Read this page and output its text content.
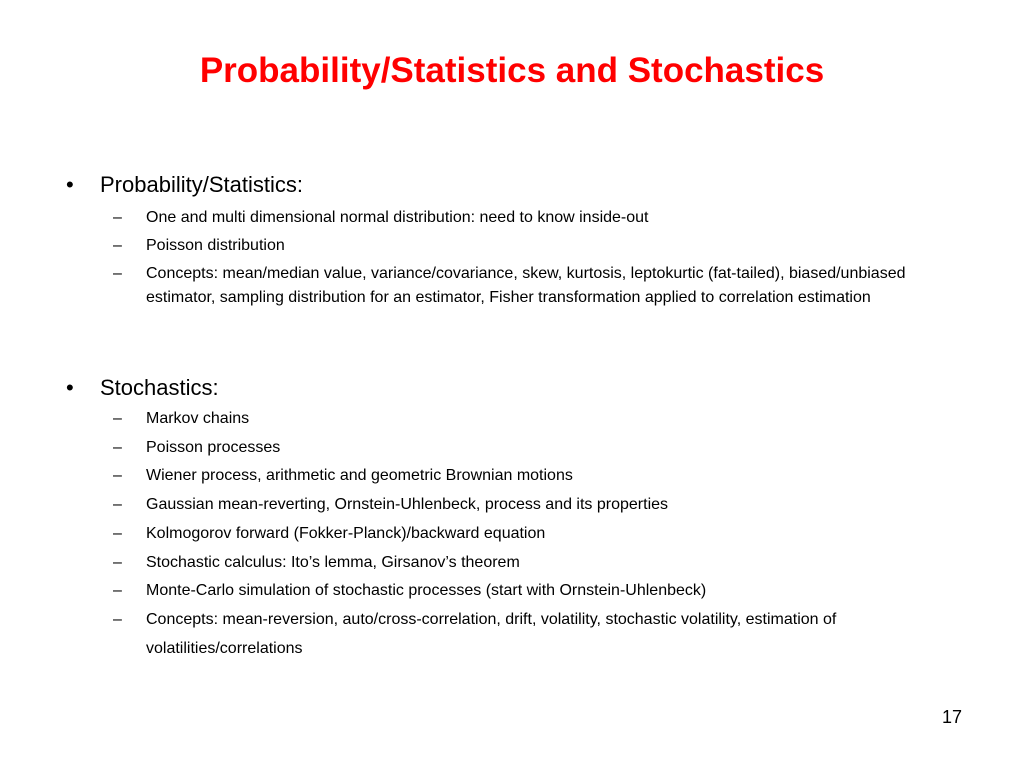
Probability/Statistics and Stochastics
• Probability/Statistics:
– One and multi dimensional normal distribution: need to know inside-out
– Poisson distribution
– Concepts: mean/median value, variance/covariance, skew, kurtosis, leptokurtic (fat-tailed), biased/unbiased estimator, sampling distribution for an estimator, Fisher transformation applied to correlation estimation
• Stochastics:
– Markov chains
– Poisson processes
– Wiener process, arithmetic and geometric Brownian motions
– Gaussian mean-reverting, Ornstein-Uhlenbeck, process and its properties
– Kolmogorov forward (Fokker-Planck)/backward equation
– Stochastic calculus: Ito’s lemma, Girsanov’s theorem
– Monte-Carlo simulation of stochastic processes (start with Ornstein-Uhlenbeck)
– Concepts: mean-reversion, auto/cross-correlation, drift, volatility, stochastic volatility, estimation of volatilities/correlations
17
